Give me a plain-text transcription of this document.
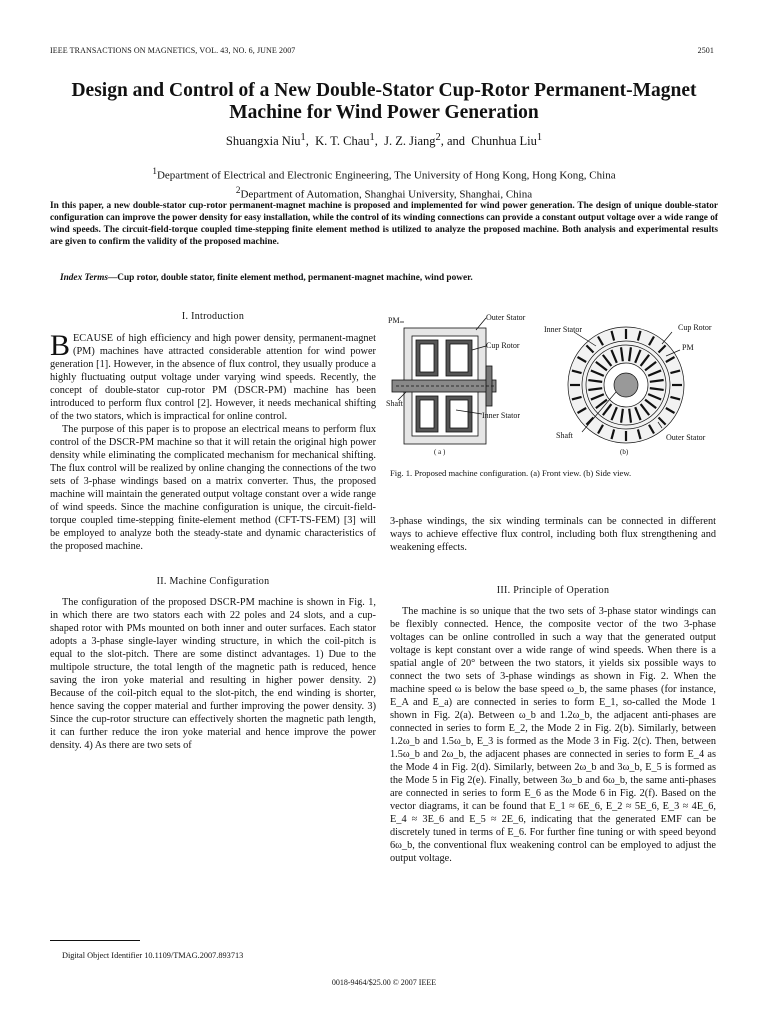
IEEE TRANSACTIONS ON MAGNETICS, VOL. 43, NO. 6, JUNE 2007	2501
Design and Control of a New Double-Stator Cup-Rotor Permanent-Magnet
Machine for Wind Power Generation
Shuangxia Niu$^1$,  K. T. Chau$^1$,  J. Z. Jiang$^2$, and  Chunhua Liu$^1$
$^1$Department of Electrical and Electronic Engineering, The University of Hong Kong, Hong Kong, China
$^2$Department of Automation, Shanghai University, Shanghai, China
In this paper, a new double-stator cup-rotor permanent-magnet machine is proposed and implemented for wind power generation. The design of unique double-stator configuration can improve the power density for easy installation, while the control of its winding connections can provide a constant output voltage over a wide range of wind speeds. The circuit-field-torque coupled time-stepping finite element method is utilized to analyze the proposed machine. Both analysis and experimental results are given to confirm the validity of the proposed machine.
Index Terms—Cup rotor, double stator, finite element method, permanent-magnet machine, wind power.
I. Introduction
BECAUSE of high efficiency and high power density, permanent-magnet (PM) machines have attracted considerable attention for wind power generation [1]. However, in the absence of flux control, they usually produce a highly fluctuating output voltage under varying wind speeds. Recently, the concept of double-stator cup-rotor PM (DSCR-PM) machine has been introduced to perform flux control [2]. However, it needs mechanical shifting of the two stators, which is impractical for online control.

The purpose of this paper is to propose an electrical means to perform flux control of the DSCR-PM machine so that it will retain the original high power density while eliminating the complicated mechanism for mechanical shifting. The flux control will be realized by online changing the connections of the two sets of 3-phase windings based on a matrix converter. Thus, the proposed machine will maintain the generated output voltage constant over a wide range of wind speeds. Since the machine configuration is unique, the circuit-field-torque coupled time-stepping finite-element method (CFT-TS-FEM) [3] will be employed to analyze both the steady-state and dynamic characteristics of the proposed machine.

II. Machine Configuration

The configuration of the proposed DSCR-PM machine is shown in Fig. 1, in which there are two stators each with 22 poles and 24 slots, and a cup-shaped rotor with PMs mounted on both inner and outer surfaces. Each stator adopts a 3-phase single-layer winding structure, in which the coil-pitch is equal to the slot-pitch. There are some distinct advantages. 1) Due to the multipole structure, the total length of the magnetic path is reduced, hence saving the iron yoke material and resulting in higher power density. 2) Because of the coil-pitch equal to the slot-pitch, the end winding is shorter, hence saving the copper material and further improving the power density. 3) Since the cup-rotor structure can effectively shorten the magnetic path length, it can further reduce the iron yoke material and hence improve the power density. 4) As there are two sets of

Digital Object Identifier 10.1109/TMAG.2007.893713
PM	Outer Stator
Cup Rotor
Shaft
Inner Stator
( a )
Inner Stator	Cup Rotor
PM
Shaft	Outer Stator
(b)
Fig. 1. Proposed machine configuration. (a) Front view. (b) Side view.
3-phase windings, the six winding terminals can be connected in different ways to achieve effective flux control, including both flux strengthening and weakening effects.
III. Principle of Operation

The machine is so unique that the two sets of 3-phase stator windings can be flexibly connected. Hence, the composite vector of the two 3-phase voltages can be online controlled in such a way that the generated output voltage is kept constant over a wide range of wind speeds. When there is a spatial angle of 20° between the two stators, it yields six possible ways to connect the two sets of 3-phase windings as shown in Fig. 2. When the machine speed ω is below the base speed ω_b, the same phases (for instance, E_A and E_a) are connected in series to form E_1, so-called the Mode 1 shown in Fig. 2(a). Between ω_b and 1.2ω_b, the adjacent anti-phases are connected in series to form E_2, the Mode 2 in Fig. 2(b). Similarly, between 1.2ω_b and 1.5ω_b, E_3 is formed as the Mode 3 in Fig. 2(c). Then, between 1.5ω_b and 2ω_b, the adjacent phases are connected in series to form E_4 as the Mode 4 in Fig. 2(d). Similarly, between 2ω_b and 3ω_b, E_5 is formed as the Mode 5 in Fig 2(e). Finally, between 3ω_b and 6ω_b, the same anti-phases are connected in series to form E_6 as the Mode 6 in Fig. 2(f). Based on the vector diagrams, it can be found that E_1 ≈ 6E_6, E_2 ≈ 5E_6, E_3 ≈ 4E_6, E_4 ≈ 3E_6 and E_5 ≈ 2E_6, indicating that the generated EMF can be discretely tuned in terms of E_6. For further fine tuning or with speed beyond 6ω_b, the conventional flux weakening control can be employed to adjust the output voltage.

0018-9464/$25.00 © 2007 IEEE
